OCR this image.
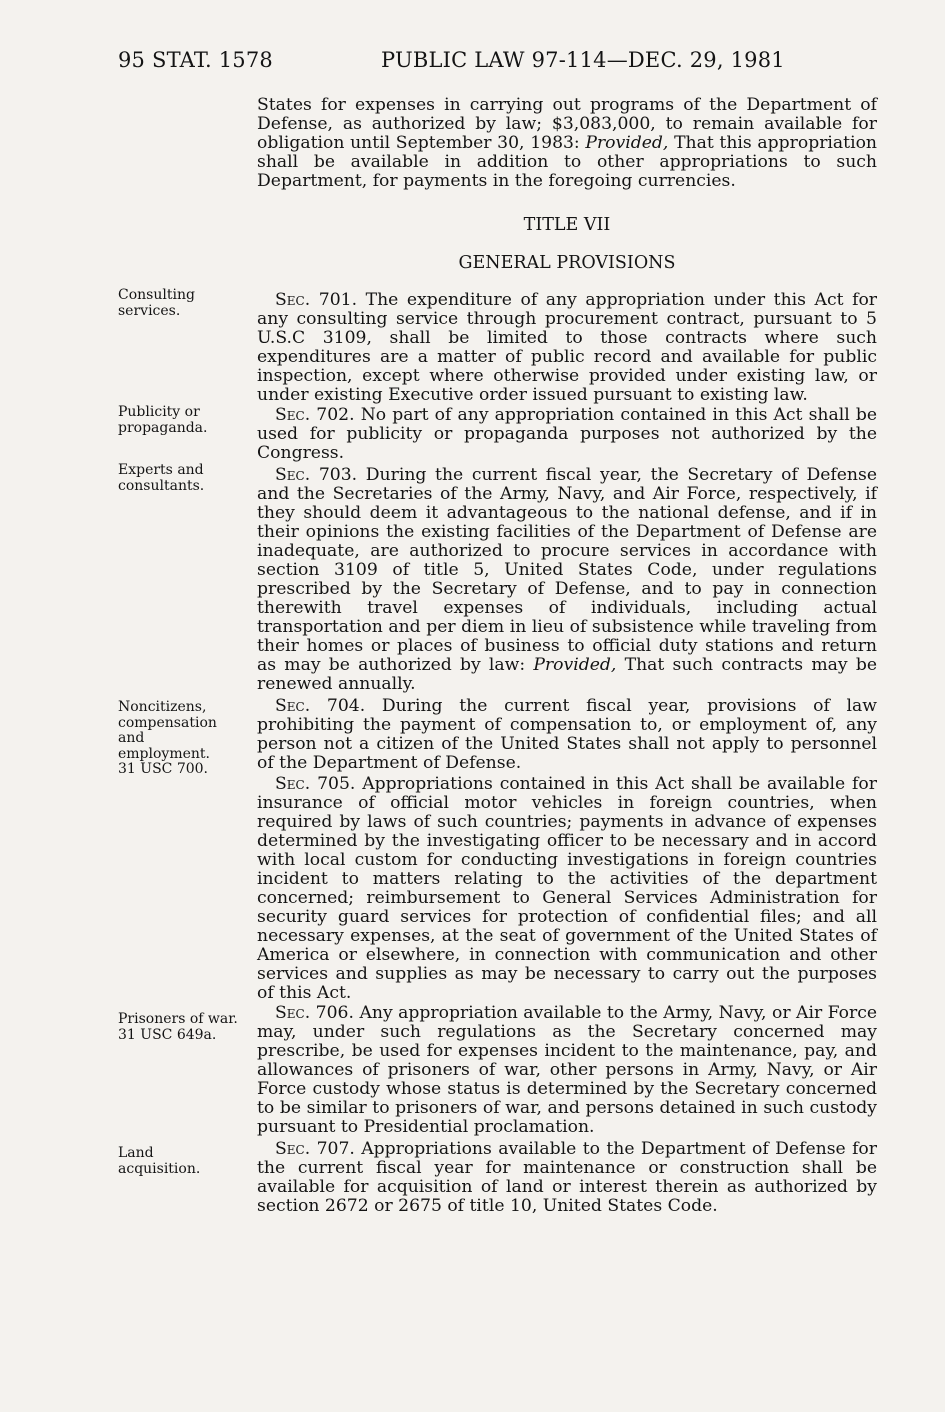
95 STAT. 1578	PUBLIC LAW 97-114—DEC. 29, 1981

States for expenses in carrying out programs of the Department of Defense, as authorized by law; $3,083,000, to remain available for obligation until September 30, 1983: Provided, That this appropriation shall be available in addition to other appropriations to such Department, for payments in the foregoing currencies.

TITLE VII
GENERAL PROVISIONS
Sec. 701. The expenditure of any appropriation under this Act for any consulting service through procurement contract, pursuant to 5 U.S.C 3109, shall be limited to those contracts where such expenditures are a matter of public record and available for public inspection, except where otherwise provided under existing law, or under existing Executive order issued pursuant to existing law.
Sec. 702. No part of any appropriation contained in this Act shall be used for publicity or propaganda purposes not authorized by the Congress.
Sec. 703. During the current fiscal year, the Secretary of Defense and the Secretaries of the Army, Navy, and Air Force, respectively, if they should deem it advantageous to the national defense, and if in their opinions the existing facilities of the Department of Defense are inadequate, are authorized to procure services in accordance with section 3109 of title 5, United States Code, under regulations prescribed by the Secretary of Defense, and to pay in connection therewith travel expenses of individuals, including actual transportation and per diem in lieu of subsistence while traveling from their homes or places of business to official duty stations and return as may be authorized by law: Provided, That such contracts may be renewed annually.
Sec. 704. During the current fiscal year, provisions of law prohibiting the payment of compensation to, or employment of, any person not a citizen of the United States shall not apply to personnel of the Department of Defense.
Sec. 705. Appropriations contained in this Act shall be available for insurance of official motor vehicles in foreign countries, when required by laws of such countries; payments in advance of expenses determined by the investigating officer to be necessary and in accord with local custom for conducting investigations in foreign countries incident to matters relating to the activities of the department concerned; reimbursement to General Services Administration for security guard services for protection of confidential files; and all necessary expenses, at the seat of government of the United States of America or elsewhere, in connection with communication and other services and supplies as may be necessary to carry out the purposes of this Act.
Sec. 706. Any appropriation available to the Army, Navy, or Air Force may, under such regulations as the Secretary concerned may prescribe, be used for expenses incident to the maintenance, pay, and allowances of prisoners of war, other persons in Army, Navy, or Air Force custody whose status is determined by the Secretary concerned to be similar to prisoners of war, and persons detained in such custody pursuant to Presidential proclamation.
Sec. 707. Appropriations available to the Department of Defense for the current fiscal year for maintenance or construction shall be available for acquisition of land or interest therein as authorized by section 2672 or 2675 of title 10, United States Code.
Consulting
services.
Publicity or
propaganda.
Experts and
consultants.
Noncitizens,
compensation
and
employment.
31 USC 700.
Prisoners of war.
31 USC 649a.
Land
acquisition.
